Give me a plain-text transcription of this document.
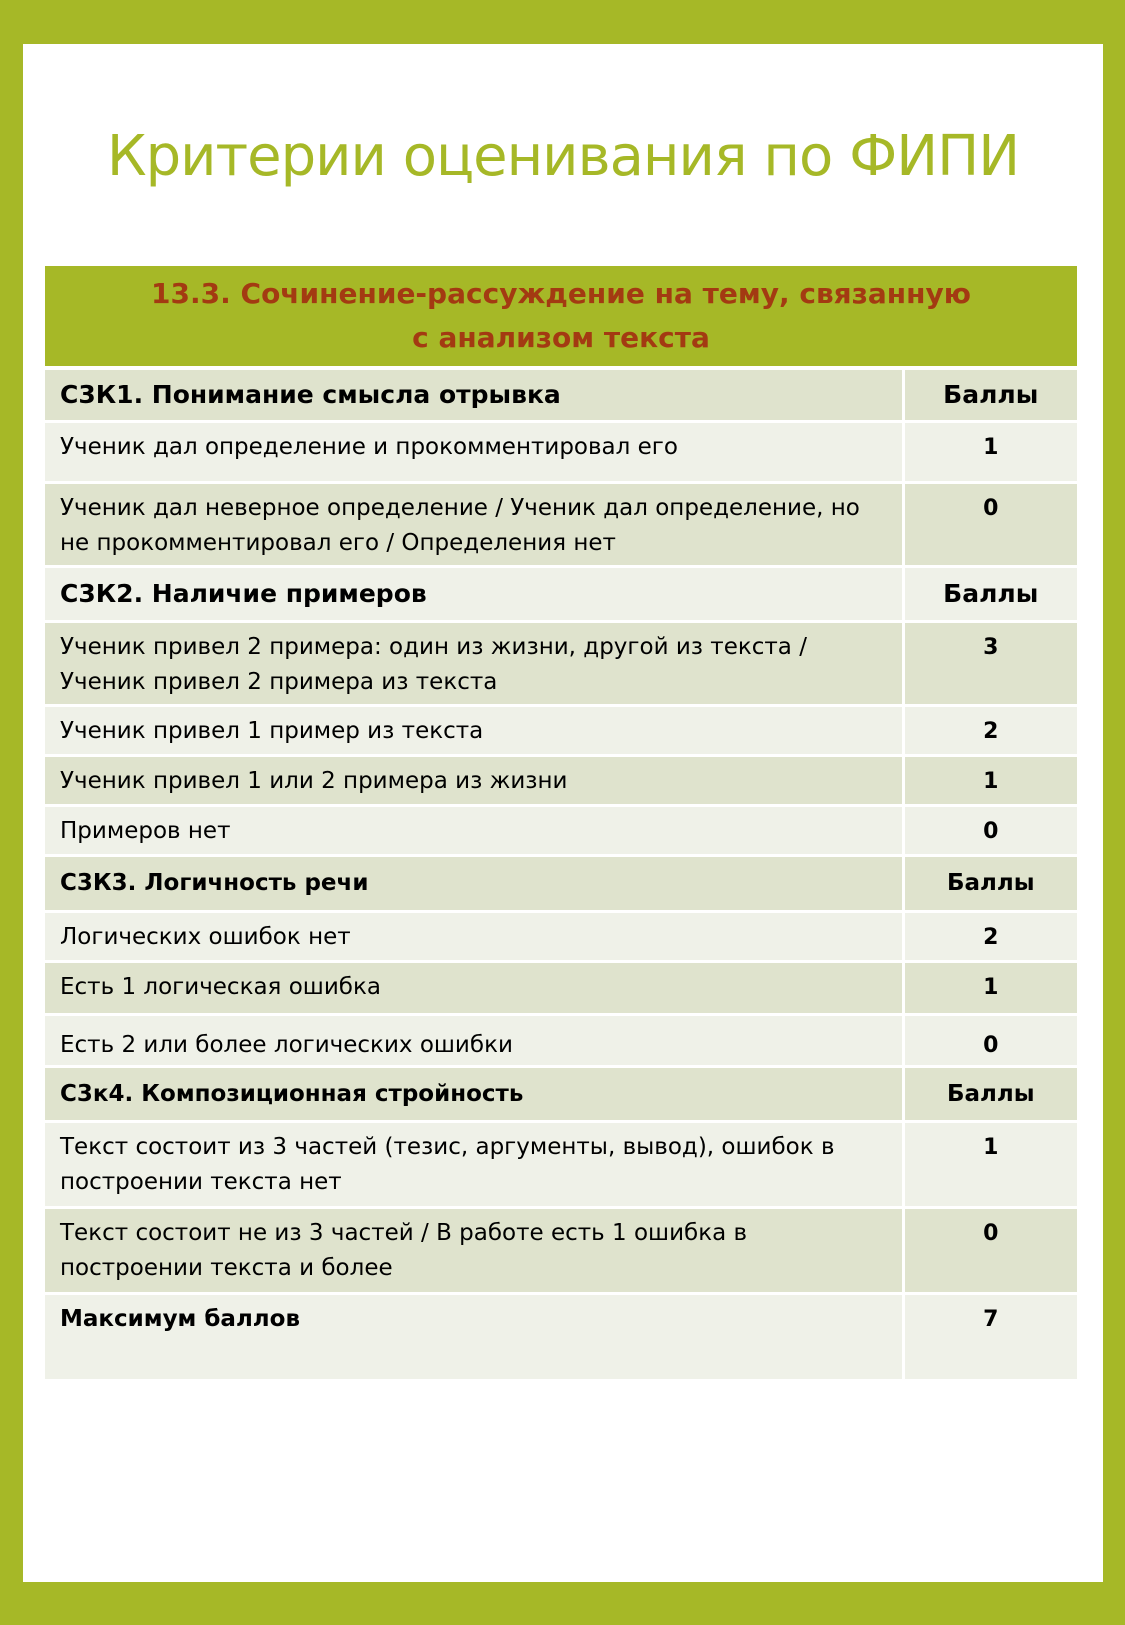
Критерии оценивания по ФИПИ
13.3. Сочинение-рассуждение на тему, связанную
с анализом текста	

С3К1. Понимание смысла отрывка	Баллы
Ученик дал определение и прокомментировал его	1
Ученик дал неверное определение / Ученик дал определение, но не прокомментировал его / Определения нет	0
С3К2. Наличие примеров	Баллы
Ученик привел 2 примера: один из жизни, другой из текста / Ученик привел 2 примера из текста	3
Ученик привел 1 пример из текста	2
Ученик привел 1 или 2 примера из жизни	1
Примеров нет	0
С3К3. Логичность речи	Баллы
Логических ошибок нет	2
Есть 1 логическая ошибка	1
Есть 2 или более логических ошибки	0
С3к4. Композиционная стройность	Баллы
Текст состоит из 3 частей (тезис, аргументы, вывод), ошибок в построении текста нет	1
Текст состоит не из 3 частей / В работе есть 1 ошибка в построении текста и более	0
Максимум баллов	7
